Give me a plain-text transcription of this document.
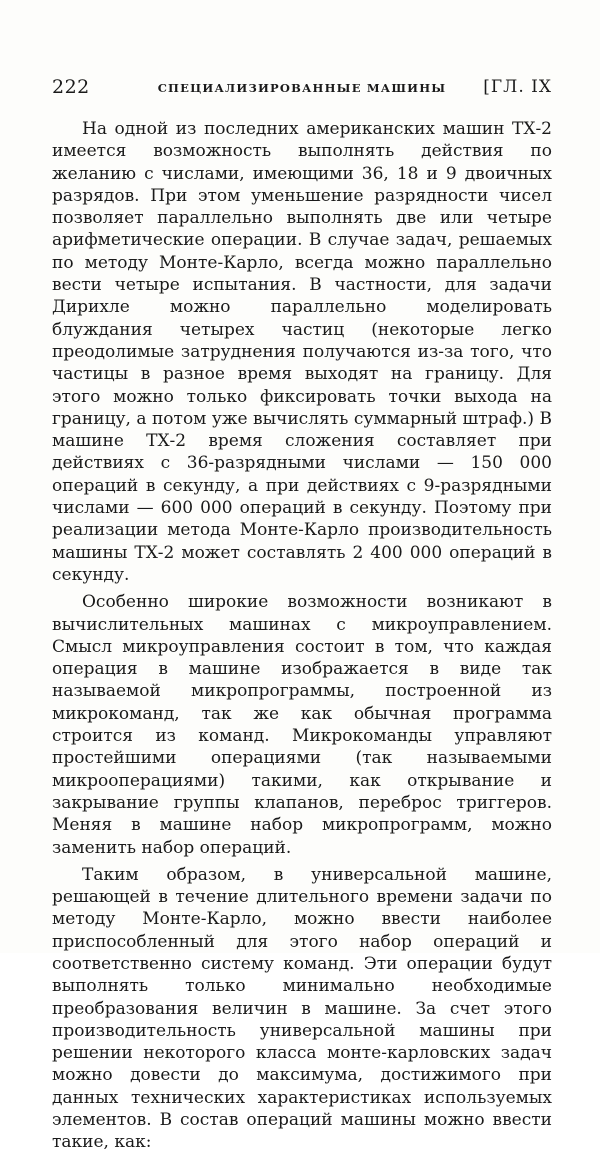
222	СПЕЦИАЛИЗИРОВАННЫЕ МАШИНЫ	[ГЛ. IX

На одной из последних американских машин ТХ-2 имеется возможность выполнять действия по желанию с числами, имеющими 36, 18 и 9 двоичных разрядов. При этом уменьшение разрядности чисел позволяет параллельно выполнять две или четыре арифметические операции. В случае задач, решаемых по методу Монте-Карло, всегда можно параллельно вести четыре испытания. В частности, для задачи Дирихле можно параллельно моделировать блуждания четырех частиц (некоторые легко преодолимые затруднения получаются из-за того, что частицы в разное время выходят на границу. Для этого можно только фиксировать точки выхода на границу, а потом уже вычислять суммарный штраф.) В машине ТХ-2 время сложения составляет при действиях с 36-разрядными числами — 150 000 операций в секунду, а при действиях с 9-разрядными числами — 600 000 операций в секунду. Поэтому при реализации метода Монте-Карло производительность машины ТХ-2 может составлять 2 400 000 операций в секунду.

Особенно широкие возможности возникают в вычислительных машинах с микроуправлением. Смысл микроуправления состоит в том, что каждая операция в машине изображается в виде так называемой микропрограммы, построенной из микрокоманд, так же как обычная программа строится из команд. Микрокоманды управляют простейшими операциями (так называемыми микрооперациями) такими, как открывание и закрывание группы клапанов, переброс триггеров. Меняя в машине набор микропрограмм, можно заменить набор операций.

Таким образом, в универсальной машине, решающей в течение длительного времени задачи по методу Монте-Карло, можно ввести наиболее приспособленный для этого набор операций и соответственно систему команд. Эти операции будут выполнять только минимально необходимые преобразования величин в машине. За счет этого производительность универсальной машины при решении некоторого класса монте-карловских задач можно довести до максимума, достижимого при данных технических характеристиках используемых элементов. В состав операций машины можно ввести такие, как:
